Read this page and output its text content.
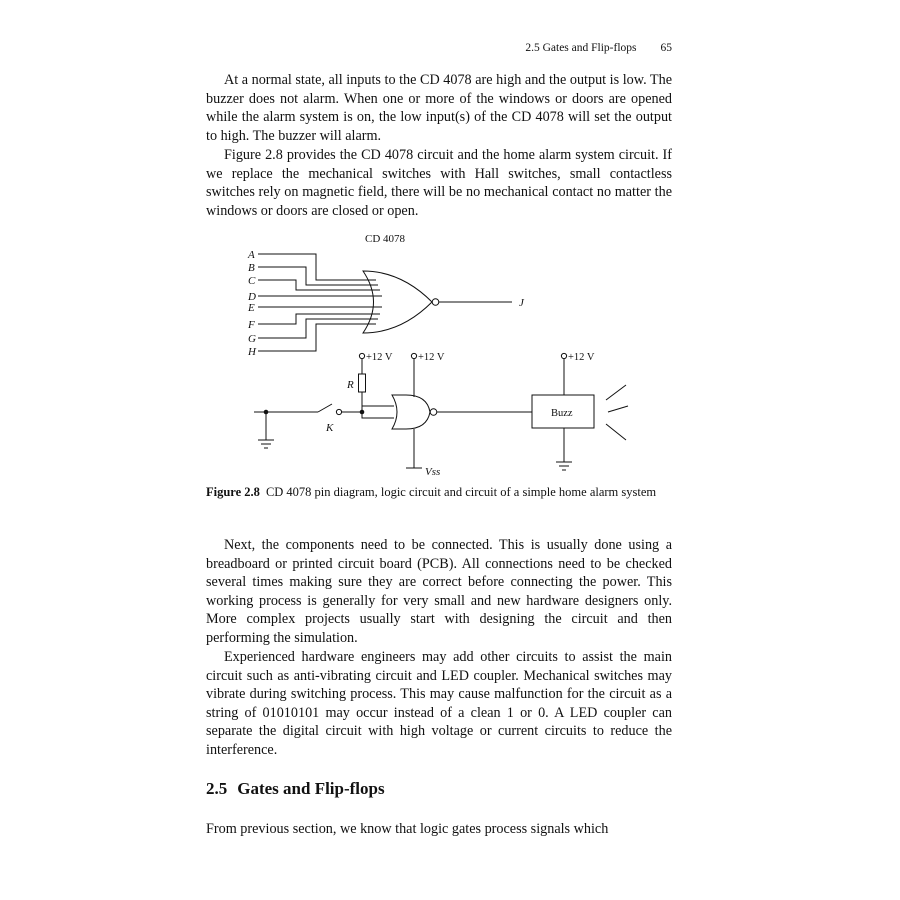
2.5 Gates and Flip-flops 65

At a normal state, all inputs to the CD 4078 are high and the output is low. The buzzer does not alarm. When one or more of the windows or doors are opened while the alarm system is on, the low input(s) of the CD 4078 will set the output to high. The buzzer will alarm.

Figure 2.8 provides the CD 4078 circuit and the home alarm system circuit. If we replace the mechanical switches with Hall switches, small contactless switches rely on magnetic field, there will be no mechanical contact no matter the windows or doors are closed or open.

CD 4078
A
B
C
D
E
F
G
H
J
R
K
Vss
+12 V +12 V	+12 V
Buzz

Figure 2.8 CD 4078 pin diagram, logic circuit and circuit of a simple home alarm system

Next, the components need to be connected. This is usually done using a breadboard or printed circuit board (PCB). All connections need to be checked several times making sure they are correct before connecting the power. This working process is generally for very small and new hardware designers only. More complex projects usually start with designing the circuit and then performing the simulation.

Experienced hardware engineers may add other circuits to assist the main circuit such as anti-vibrating circuit and LED coupler. Mechanical switches may vibrate during switching process. This may cause malfunction for the circuit as a string of 01010101 may occur instead of a clean 1 or 0. A LED coupler can separate the digital circuit with high voltage or current circuits to reduce the interference.

2.5 Gates and Flip-flops

From previous section, we know that logic gates process signals which
